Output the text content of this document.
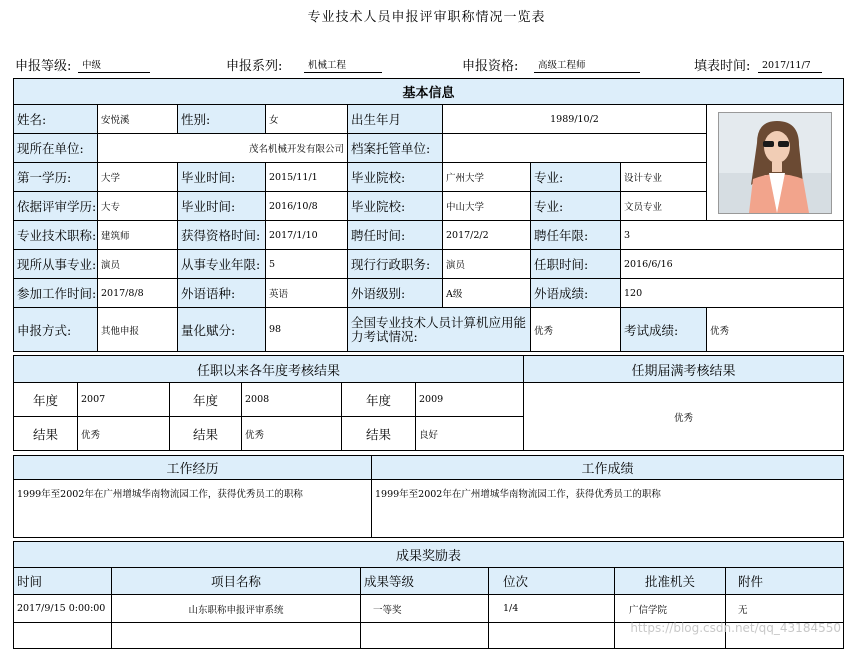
专业技术人员申报评审职称情况一览表
申报等级:	中级	申报系列:	机械工程	申报资格:	高级工程师	填表时间:	2017/11/7
基本信息								
姓名:	安悦溪	性别:	女	出生年月	1989/10/2	

现所在单位:	茂名机械开发有限公司			档案托管单位:				
第一学历:	大学	毕业时间:	2015/11/1	毕业院校:	广州大学	专业:	设计专业	
依据评审学历:	大专	毕业时间:	2016/10/8	毕业院校:	中山大学	专业:	文员专业	
专业技术职称:	建筑师	获得资格时间:	2017/1/10	聘任时间:	2017/2/2	聘任年限:	3	
现所从事专业:	演员	从事专业年限:	5	现行行政职务:	演员	任职时间:	2016/6/16	
参加工作时间:	2017/8/8	外语语种:	英语	外语级别:	A级	外语成绩:	120	
申报方式:	其他申报	量化赋分:	98	全国专业技术人员计算机应用能力考试情况:		优秀	考试成绩:	优秀
任职以来各年度考核结果						任期届满考核结果
年度	2007	年度	2008	年度	2009	优秀
结果	优秀	结果	优秀	结果	良好	
工作经历	工作成绩
1999年至2002年在广州增城华南物流园工作，获得优秀员工的职称	1999年至2002年在广州增城华南物流园工作，获得优秀员工的职称
成果奖励表					
时间	项目名称	成果等级	位次	批准机关	附件
2017/9/15 0:00:00	山东职称申报评审系统	一等奖	1/4	广信学院	无

https://blog.csdn.net/qq_43184550
